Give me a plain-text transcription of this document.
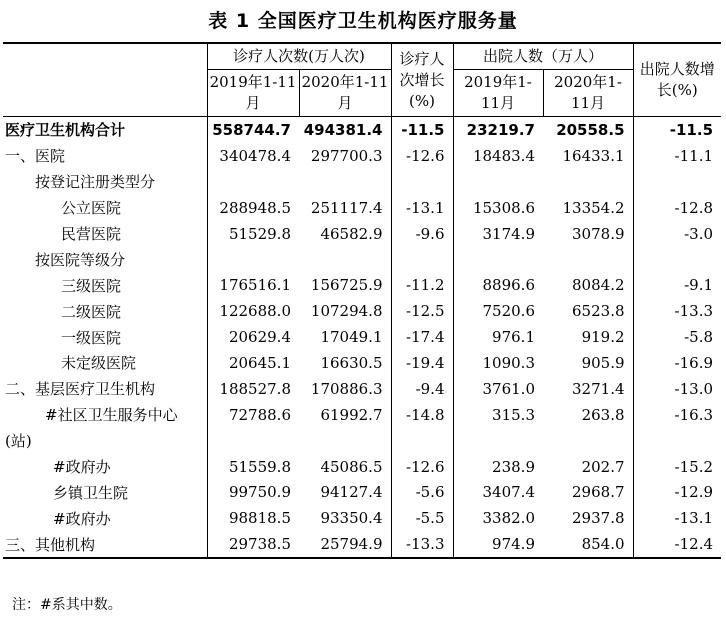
表 1 全国医疗卫生机构医疗服务量
	诊疗人次数(万人次)		诊疗人次增长(%)	出院人数（万人）		出院人数增长(%)
	2019年1-11月	2020年1-11月		2019年1-11月	2020年1-11月	
医疗卫生机构合计	558744.7	494381.4	-11.5	23219.7	20558.5	-11.5
一、医院	340478.4	297700.3	-12.6	18483.4	16433.1	-11.1
按登记注册类型分						
公立医院	288948.5	251117.4	-13.1	15308.6	13354.2	-12.8
民营医院	51529.8	46582.9	-9.6	3174.9	3078.9	-3.0
按医院等级分						
三级医院	176516.1	156725.9	-11.2	8896.6	8084.2	-9.1
二级医院	122688.0	107294.8	-12.5	7520.6	6523.8	-13.3
一级医院	20629.4	17049.1	-17.4	976.1	919.2	-5.8
未定级医院	20645.1	16630.5	-19.4	1090.3	905.9	-16.9
二、基层医疗卫生机构	188527.8	170886.3	-9.4	3761.0	3271.4	-13.0
#社区卫生服务中心	72788.6	61992.7	-14.8	315.3	263.8	-16.3
(站)						
#政府办	51559.8	45086.5	-12.6	238.9	202.7	-15.2
乡镇卫生院	99750.9	94127.4	-5.6	3407.4	2968.7	-12.9
#政府办	98818.5	93350.4	-5.5	3382.0	2937.8	-13.1
三、其他机构	29738.5	25794.9	-13.3	974.9	854.0	-12.4
注：#系其中数。
